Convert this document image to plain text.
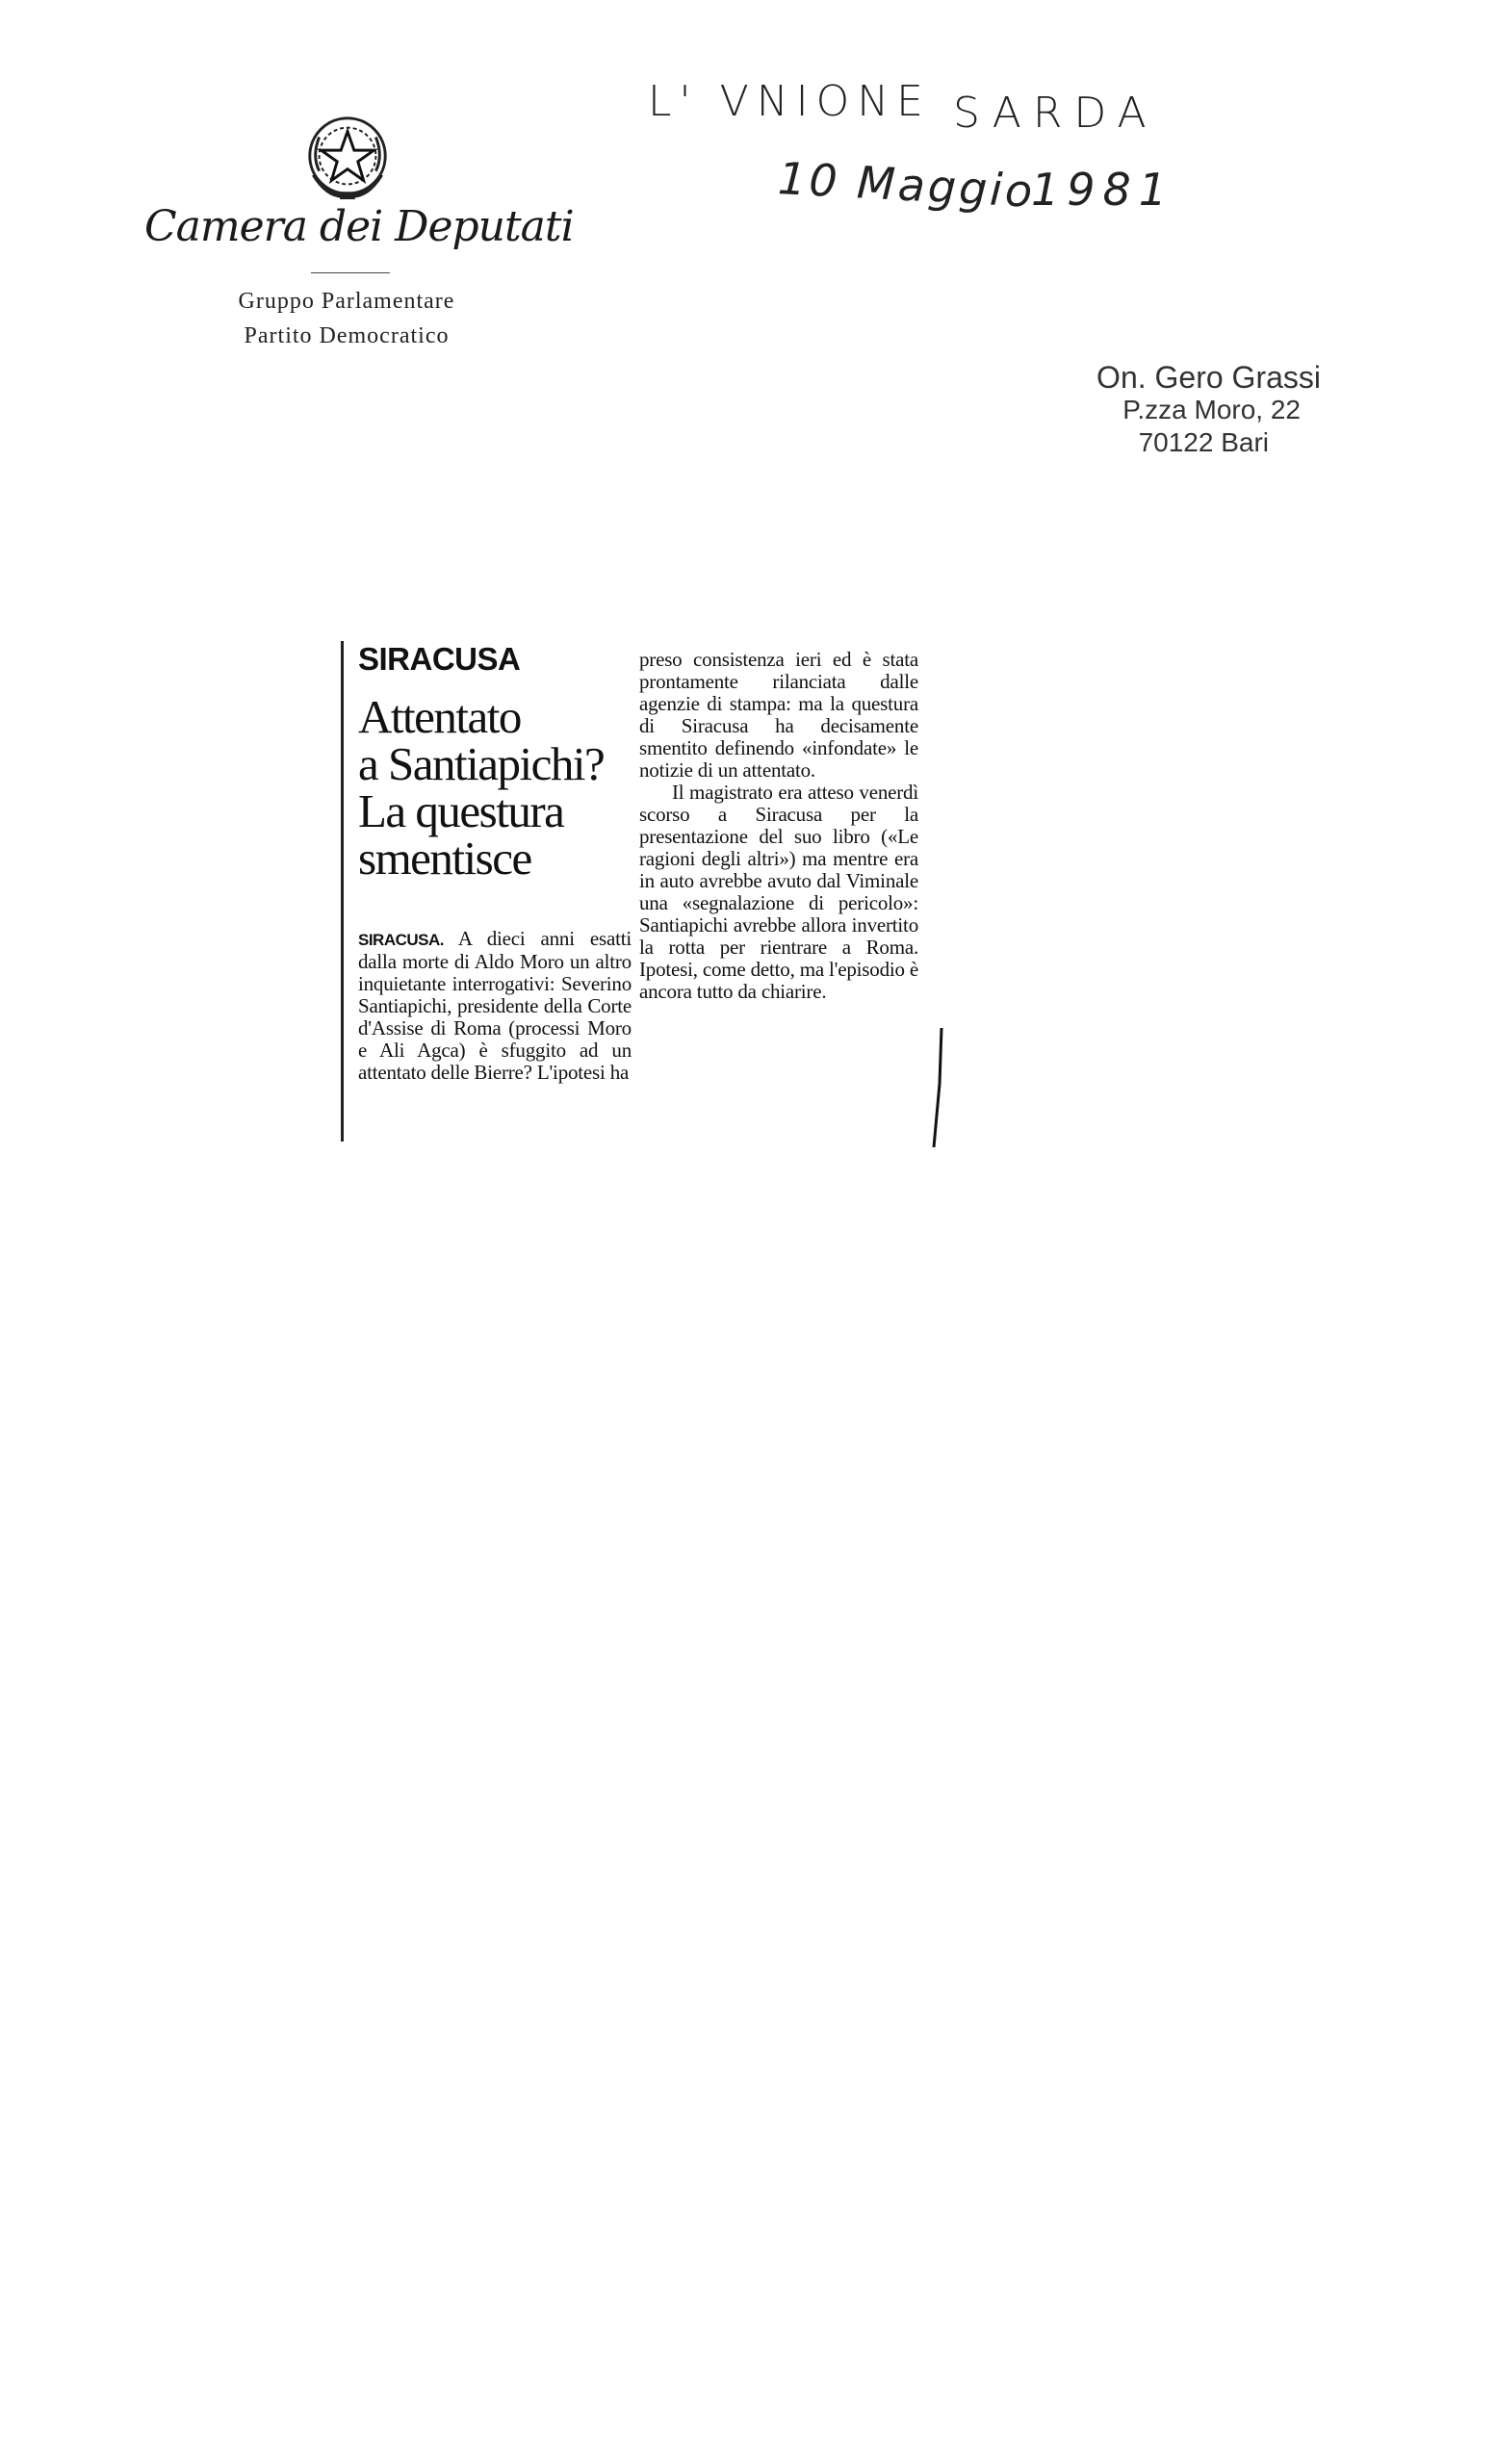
Camera dei Deputati
Gruppo Parlamentare
Partito Democratico
L' VNIONE SARDA
10 Maggio
1981
On. Gero Grassi
P.zza Moro, 22
70122 Bari
SIRACUSA
Attentato
a Santiapichi?
La questura
smentisce
SIRACUSA. A dieci anni esatti dalla morte di Aldo Moro un altro inquietante interrogativi: Severino Santiapichi, presidente della Corte d'Assise di Roma (processi Moro e Ali Agca) è sfuggito ad un attentato delle Bierre? L'ipotesi ha
preso consistenza ieri ed è stata prontamente rilanciata dalle agenzie di stampa: ma la questura di Siracusa ha decisamente smentito definendo «infondate» le notizie di un attentato.
Il magistrato era atteso venerdì scorso a Siracusa per la presentazione del suo libro («Le ragioni degli altri») ma mentre era in auto avrebbe avuto dal Viminale una «segnalazione di pericolo»: Santiapichi avrebbe allora invertito la rotta per rientrare a Roma. Ipotesi, come detto, ma l'episodio è ancora tutto da chiarire.
